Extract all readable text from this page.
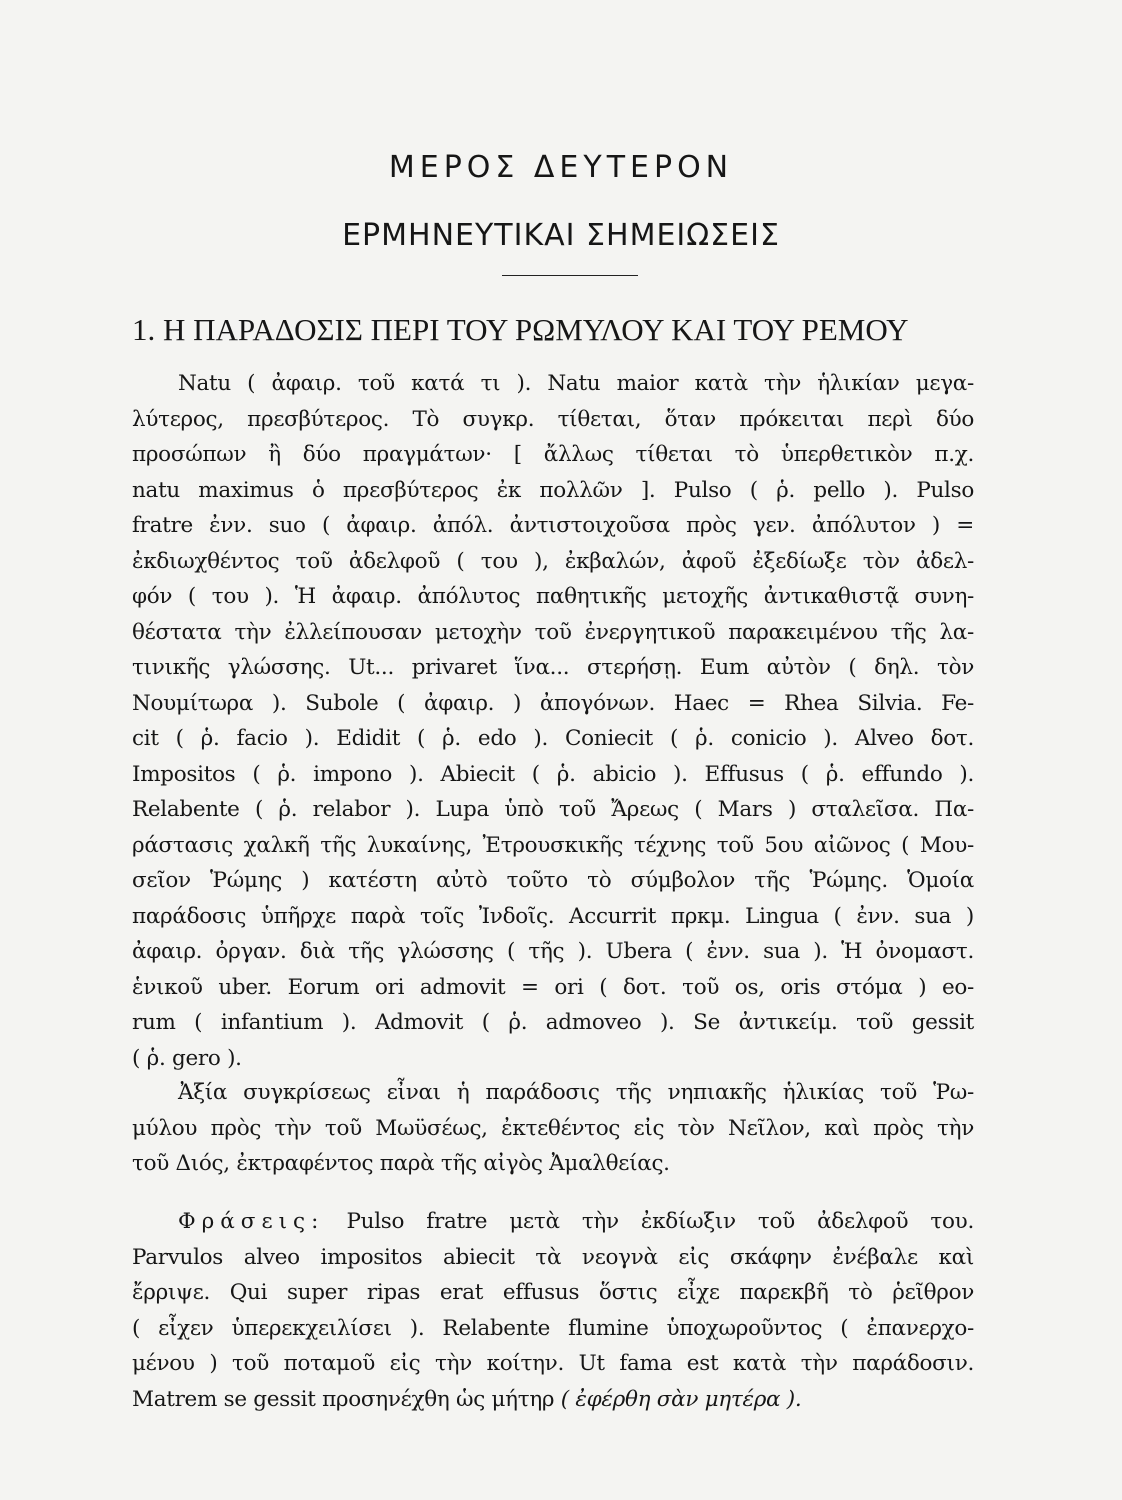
ΜΕΡΟΣ ΔΕΥΤΕΡΟΝ
ΕΡΜΗΝΕΥΤΙΚΑΙ ΣΗΜΕΙΩΣΕΙΣ
1. Η ΠΑΡΑΔΟΣΙΣ ΠΕΡΙ ΤΟΥ ΡΩΜΥΛΟΥ ΚΑΙ ΤΟΥ ΡΕΜΟΥ
Natu ( ἀφαιρ. τοῦ κατά τι ). Natu maior κατὰ τὴν ἡλικίαν μεγα-
λύτερος, πρεσβύτερος. Τὸ συγκρ. τίθεται, ὅταν πρόκειται περὶ δύο
προσώπων ἢ δύο πραγμάτων· [ ἄλλως τίθεται τὸ ὑπερθετικὸν π.χ.
natu maximus ὁ πρεσβύτερος ἐκ πολλῶν ]. Pulso ( ῥ. pello ). Pulso
fratre ἐνν. suo ( ἀφαιρ. ἀπόλ. ἀντιστοιχοῦσα πρὸς γεν. ἀπόλυτον ) =
ἐκδιωχθέντος τοῦ ἀδελφοῦ ( του ), ἐκβαλών, ἀφοῦ ἐξεδίωξε τὸν ἀδελ-
φόν ( του ). Ἡ ἀφαιρ. ἀπόλυτος παθητικῆς μετοχῆς ἀντικαθιστᾷ συνη-
θέστατα τὴν ἐλλείπουσαν μετοχὴν τοῦ ἐνεργητικοῦ παρακειμένου τῆς λα-
τινικῆς γλώσσης. Ut... privaret ἵνα... στερήσῃ. Eum αὐτὸν ( δηλ. τὸν
Νουμίτωρα ). Subole ( ἀφαιρ. ) ἀπογόνων. Haec = Rhea Silvia. Fe-
cit ( ῥ. facio ). Edidit ( ῥ. edo ). Coniecit ( ῥ. conicio ). Alveo δοτ.
Impositos ( ῥ. impono ). Abiecit ( ῥ. abicio ). Effusus ( ῥ. effundo ).
Relabente ( ῥ. relabor ). Lupa ὑπὸ τοῦ Ἄρεως ( Mars ) σταλεῖσα. Πα-
ράστασις χαλκῆ τῆς λυκαίνης, Ἐτρουσκικῆς τέχνης τοῦ 5ου αἰῶνος ( Μου-
σεῖον Ῥώμης ) κατέστη αὐτὸ τοῦτο τὸ σύμβολον τῆς Ῥώμης. Ὁμοία
παράδοσις ὑπῆρχε παρὰ τοῖς Ἰνδοῖς. Accurrit πρκμ. Lingua ( ἐνν. sua )
ἀφαιρ. ὀργαν. διὰ τῆς γλώσσης ( τῆς ). Ubera ( ἐνν. sua ). Ἡ ὀνομαστ.
ἑνικοῦ uber. Eorum ori admovit = ori ( δοτ. τοῦ os, oris στόμα ) eo-
rum ( infantium ). Admovit ( ῥ. admoveo ). Se ἀντικείμ. τοῦ gessit
( ῥ. gero ).
Ἀξία συγκρίσεως εἶναι ἡ παράδοσις τῆς νηπιακῆς ἡλικίας τοῦ Ῥω-
μύλου πρὸς τὴν τοῦ Μωϋσέως, ἐκτεθέντος εἰς τὸν Νεῖλον, καὶ πρὸς τὴν
τοῦ Διός, ἐκτραφέντος παρὰ τῆς αἰγὸς Ἀμαλθείας.
Φράσεις: Pulso fratre μετὰ τὴν ἐκδίωξιν τοῦ ἀδελφοῦ του.
Parvulos alveo impositos abiecit τὰ νεογνὰ εἰς σκάφην ἐνέβαλε καὶ
ἔρριψε. Qui super ripas erat effusus ὅστις εἶχε παρεκβῆ τὸ ῥεῖθρον
( εἶχεν ὑπερεκχειλίσει ). Relabente flumine ὑποχωροῦντος ( ἐπανερχο-
μένου ) τοῦ ποταμοῦ εἰς τὴν κοίτην. Ut fama est κατὰ τὴν παράδοσιν.
Matrem se gessit προσηνέχθη ὡς μήτηρ ( ἐφέρθη σὰν μητέρα ).
